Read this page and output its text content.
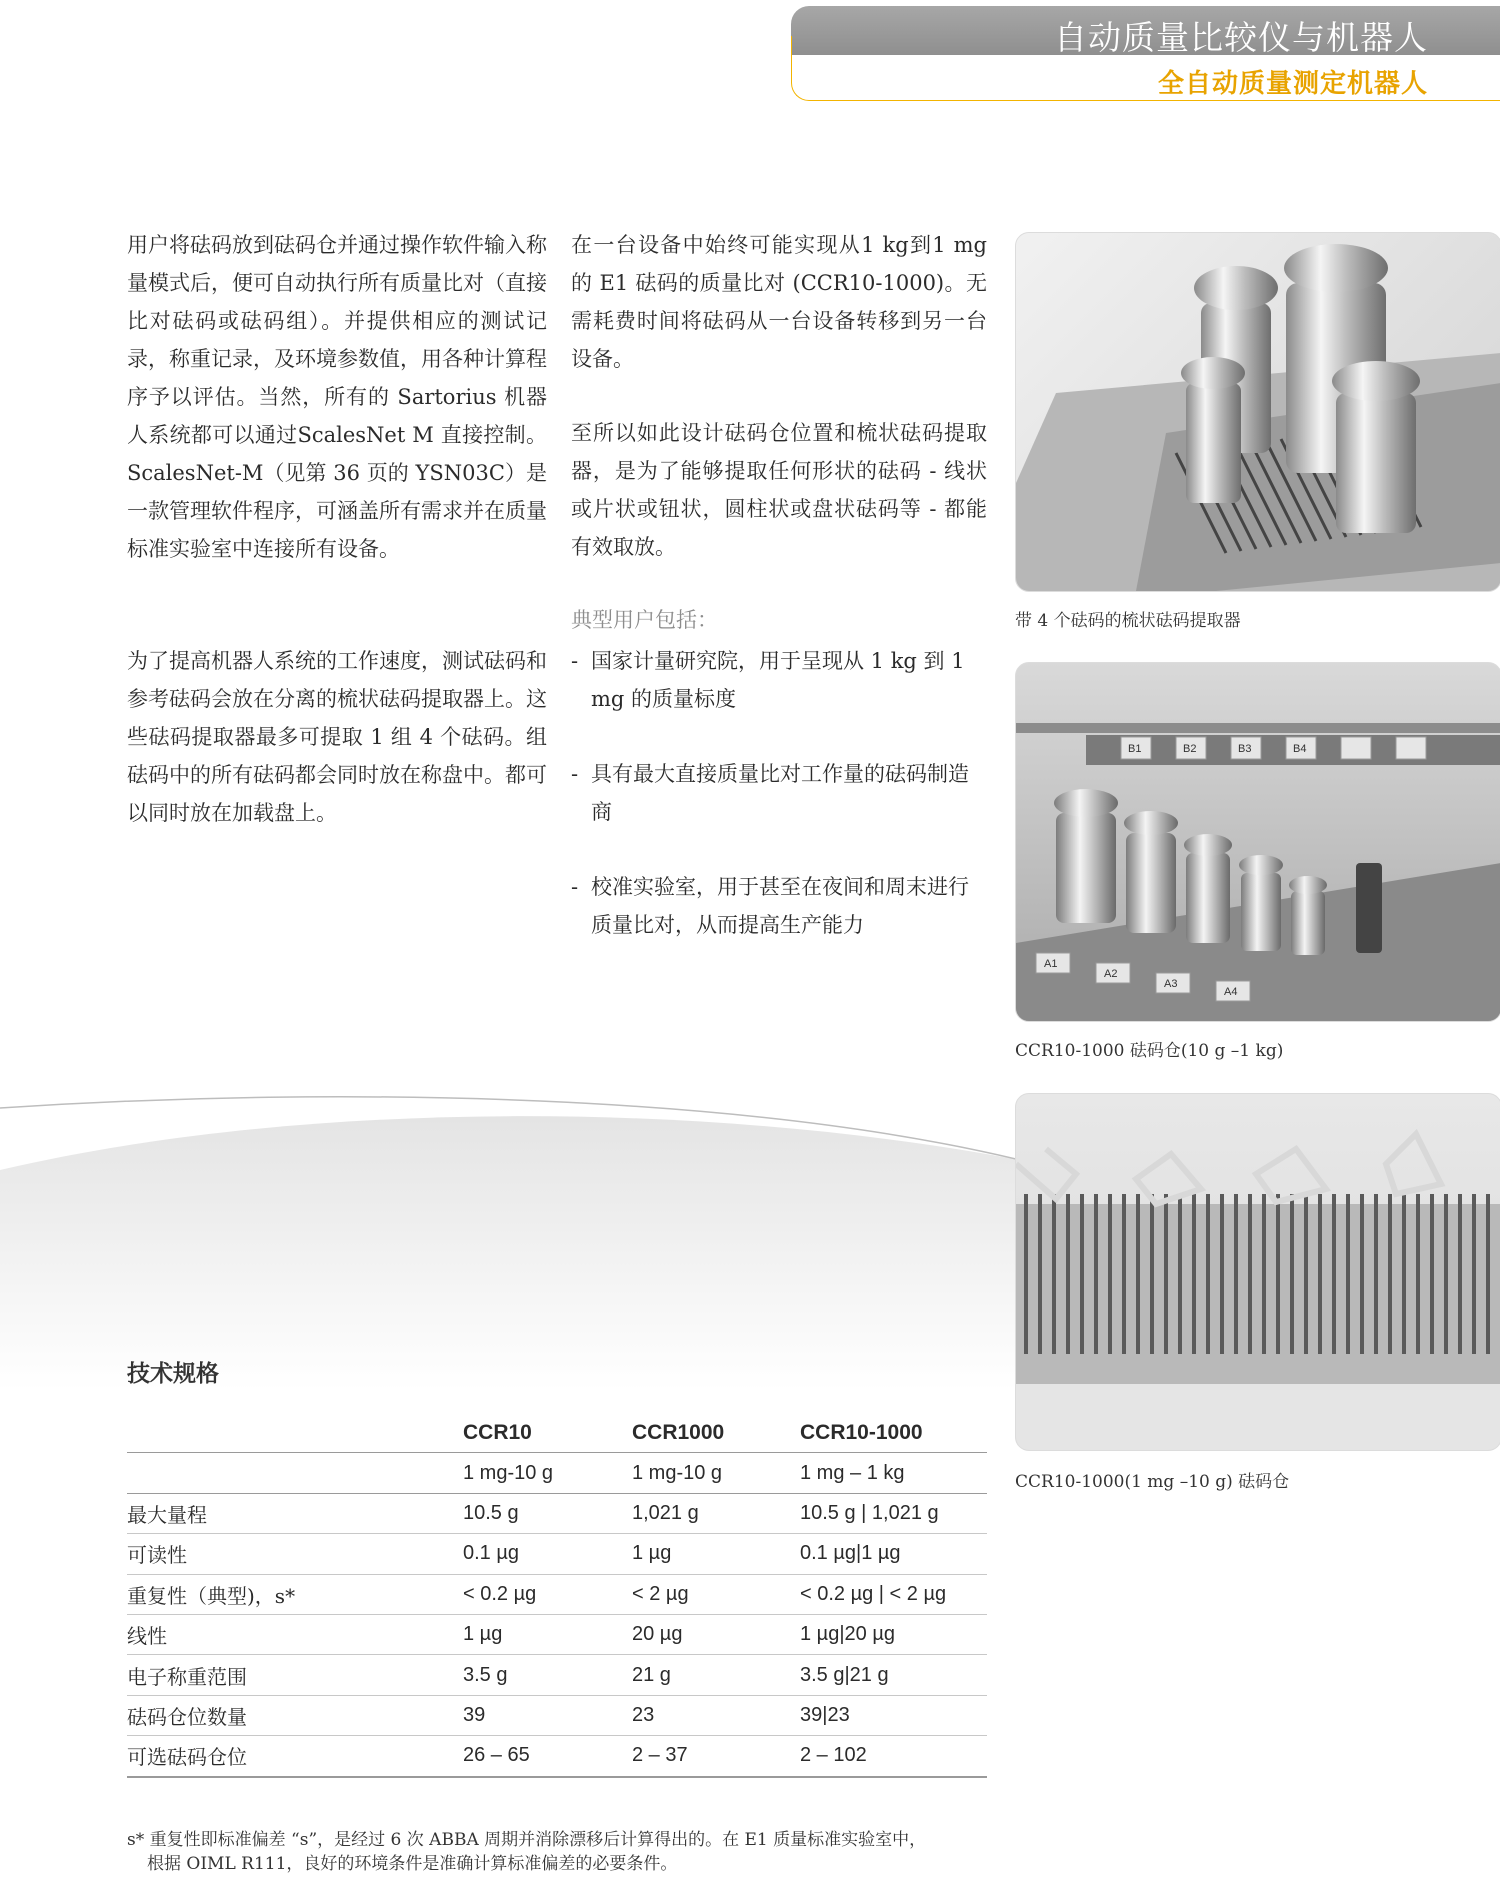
自动质量比较仪与机器人
全自动质量测定机器人
用户将砝码放到砝码仓并通过操作软件输入称量模式后，便可自动执行所有质量比对（直接比对砝码或砝码组）。并提供相应的测试记录，称重记录，及环境参数值，用各种计算程序予以评估。当然，所有的 Sartorius 机器人系统都可以通过ScalesNet M 直接控制。ScalesNet-M（见第 36 页的 YSN03C）是一款管理软件程序，可涵盖所有需求并在质量标准实验室中连接所有设备。
为了提高机器人系统的工作速度，测试砝码和参考砝码会放在分离的梳状砝码提取器上。这些砝码提取器最多可提取 1 组 4 个砝码。组砝码中的所有砝码都会同时放在称盘中。都可以同时放在加载盘上。
在一台设备中始终可能实现从1 kg到1 mg 的 E1 砝码的质量比对 (CCR10-1000)。无需耗费时间将砝码从一台设备转移到另一台设备。
至所以如此设计砝码仓位置和梳状砝码提取器，是为了能够提取任何形状的砝码 - 线状或片状或钮状，圆柱状或盘状砝码等 - 都能有效取放。
典型用户包括：
- 国家计量研究院，用于呈现从 1 kg 到 1 mg 的质量标度
- 具有最大直接质量比对工作量的砝码制造商
- 校准实验室，用于甚至在夜间和周末进行质量比对，从而提高生产能力
带 4 个砝码的梳状砝码提取器
B1	B2	B3	B4
A1
A2
A3
A4
CCR10-1000 砝码仓(10 g –1 kg)
CCR10-1000(1 mg –10 g) 砝码仓
技术规格
	CCR10	CCR1000	CCR10-1000
	1 mg-10 g	1 mg-10 g	1 mg – 1 kg
最大量程	10.5 g	1,021 g	10.5 g | 1,021 g
可读性	0.1 µg	1 µg	0.1 µg|1 µg
重复性（典型)，s*	< 0.2 µg	< 2 µg	< 0.2 µg | < 2 µg
线性	1 µg	20 µg	1 µg|20 µg
电子称重范围	3.5 g	21 g	3.5 g|21 g
砝码仓位数量	39	23	39|23
可选砝码仓位	26 – 65	2 – 37	2 – 102
s* 重复性即标准偏差 “s”，是经过 6 次 ABBA 周期并消除漂移后计算得出的。在 E1 质量标准实验室中，
根据 OIML R111，良好的环境条件是准确计算标准偏差的必要条件。
